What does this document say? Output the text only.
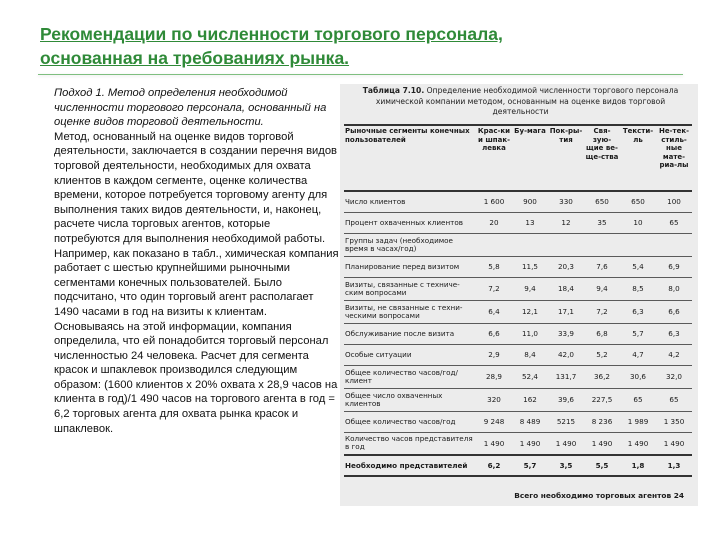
Рекомендации по численности торгового персонала,
основанная на требованиях рынка.
Подход 1. Метод определения необходимой численности торгового персонала, основанный на оценке видов торговой деятельности.
Метод, основанный на оценке видов торговой деятельности, заключается в создании перечня видов торговой деятельности, необходимых для охвата клиентов в каждом сегменте, оценке количества времени, которое потребуется торговому агенту для выполнения таких видов деятельности, и, наконец, расчете числа торговых агентов, которые потребуются для выполнения необходимой работы. Например, как показано в табл., химическая компания работает с шестью крупнейшими рыночными сегментами конечных пользователей. Было подсчитано, что один торговый агент располагает 1490 часами в год на визиты к клиентам. Основываясь на этой информации, компания определила, что ей понадобится торговый персонал численностью 24 человека. Расчет для сегмента красок и шпаклевок производился следующим образом: (1600 клиентов х 20% охвата х 28,9 часов на клиента в год)/1 490 часов на торгового агента в год = 6,2 торговых агента для охвата рынка красок и шпаклевок.
Таблица 7.10. Определение необходимой численности торгового персонала химической компании методом, основанным на оценке видов торговой деятельности
Рыночные сегменты конечных пользователей	Крас-ки и шпак-левка	Бу-мага	Пок-ры-тия	Свя-зую-щие ве-ще-ства	Тексти-ль	Не-тек-стиль-ные мате-риа-лы
Число клиентов	1 600	900	330	650	650	100
Процент охваченных клиентов	20	13	12	35	10	65
Группы задач (необходимое время в часах/год)						
Планирование перед визитом	5,8	11,5	20,3	7,6	5,4	6,9
Визиты, связанные с техниче-ским вопросами	7,2	9,4	18,4	9,4	8,5	8,0
Визиты, не связанные с техни-ческими вопросами	6,4	12,1	17,1	7,2	6,3	6,6
Обслуживание после визита	6,6	11,0	33,9	6,8	5,7	6,3
Особые ситуации	2,9	8,4	42,0	5,2	4,7	4,2
Общее количество часов/год/ клиент	28,9	52,4	131,7	36,2	30,6	32,0
Общее число охваченных клиентов	320	162	39,6	227,5	65	65
Общее количество часов/год	9 248	8 489	5215	8 236	1 989	1 350
Количество часов представителя в год	1 490	1 490	1 490	1 490	1 490	1 490
Необходимо представителей	6,2	5,7	3,5	5,5	1,8	1,3
Всего необходимо торговых агентов 24
